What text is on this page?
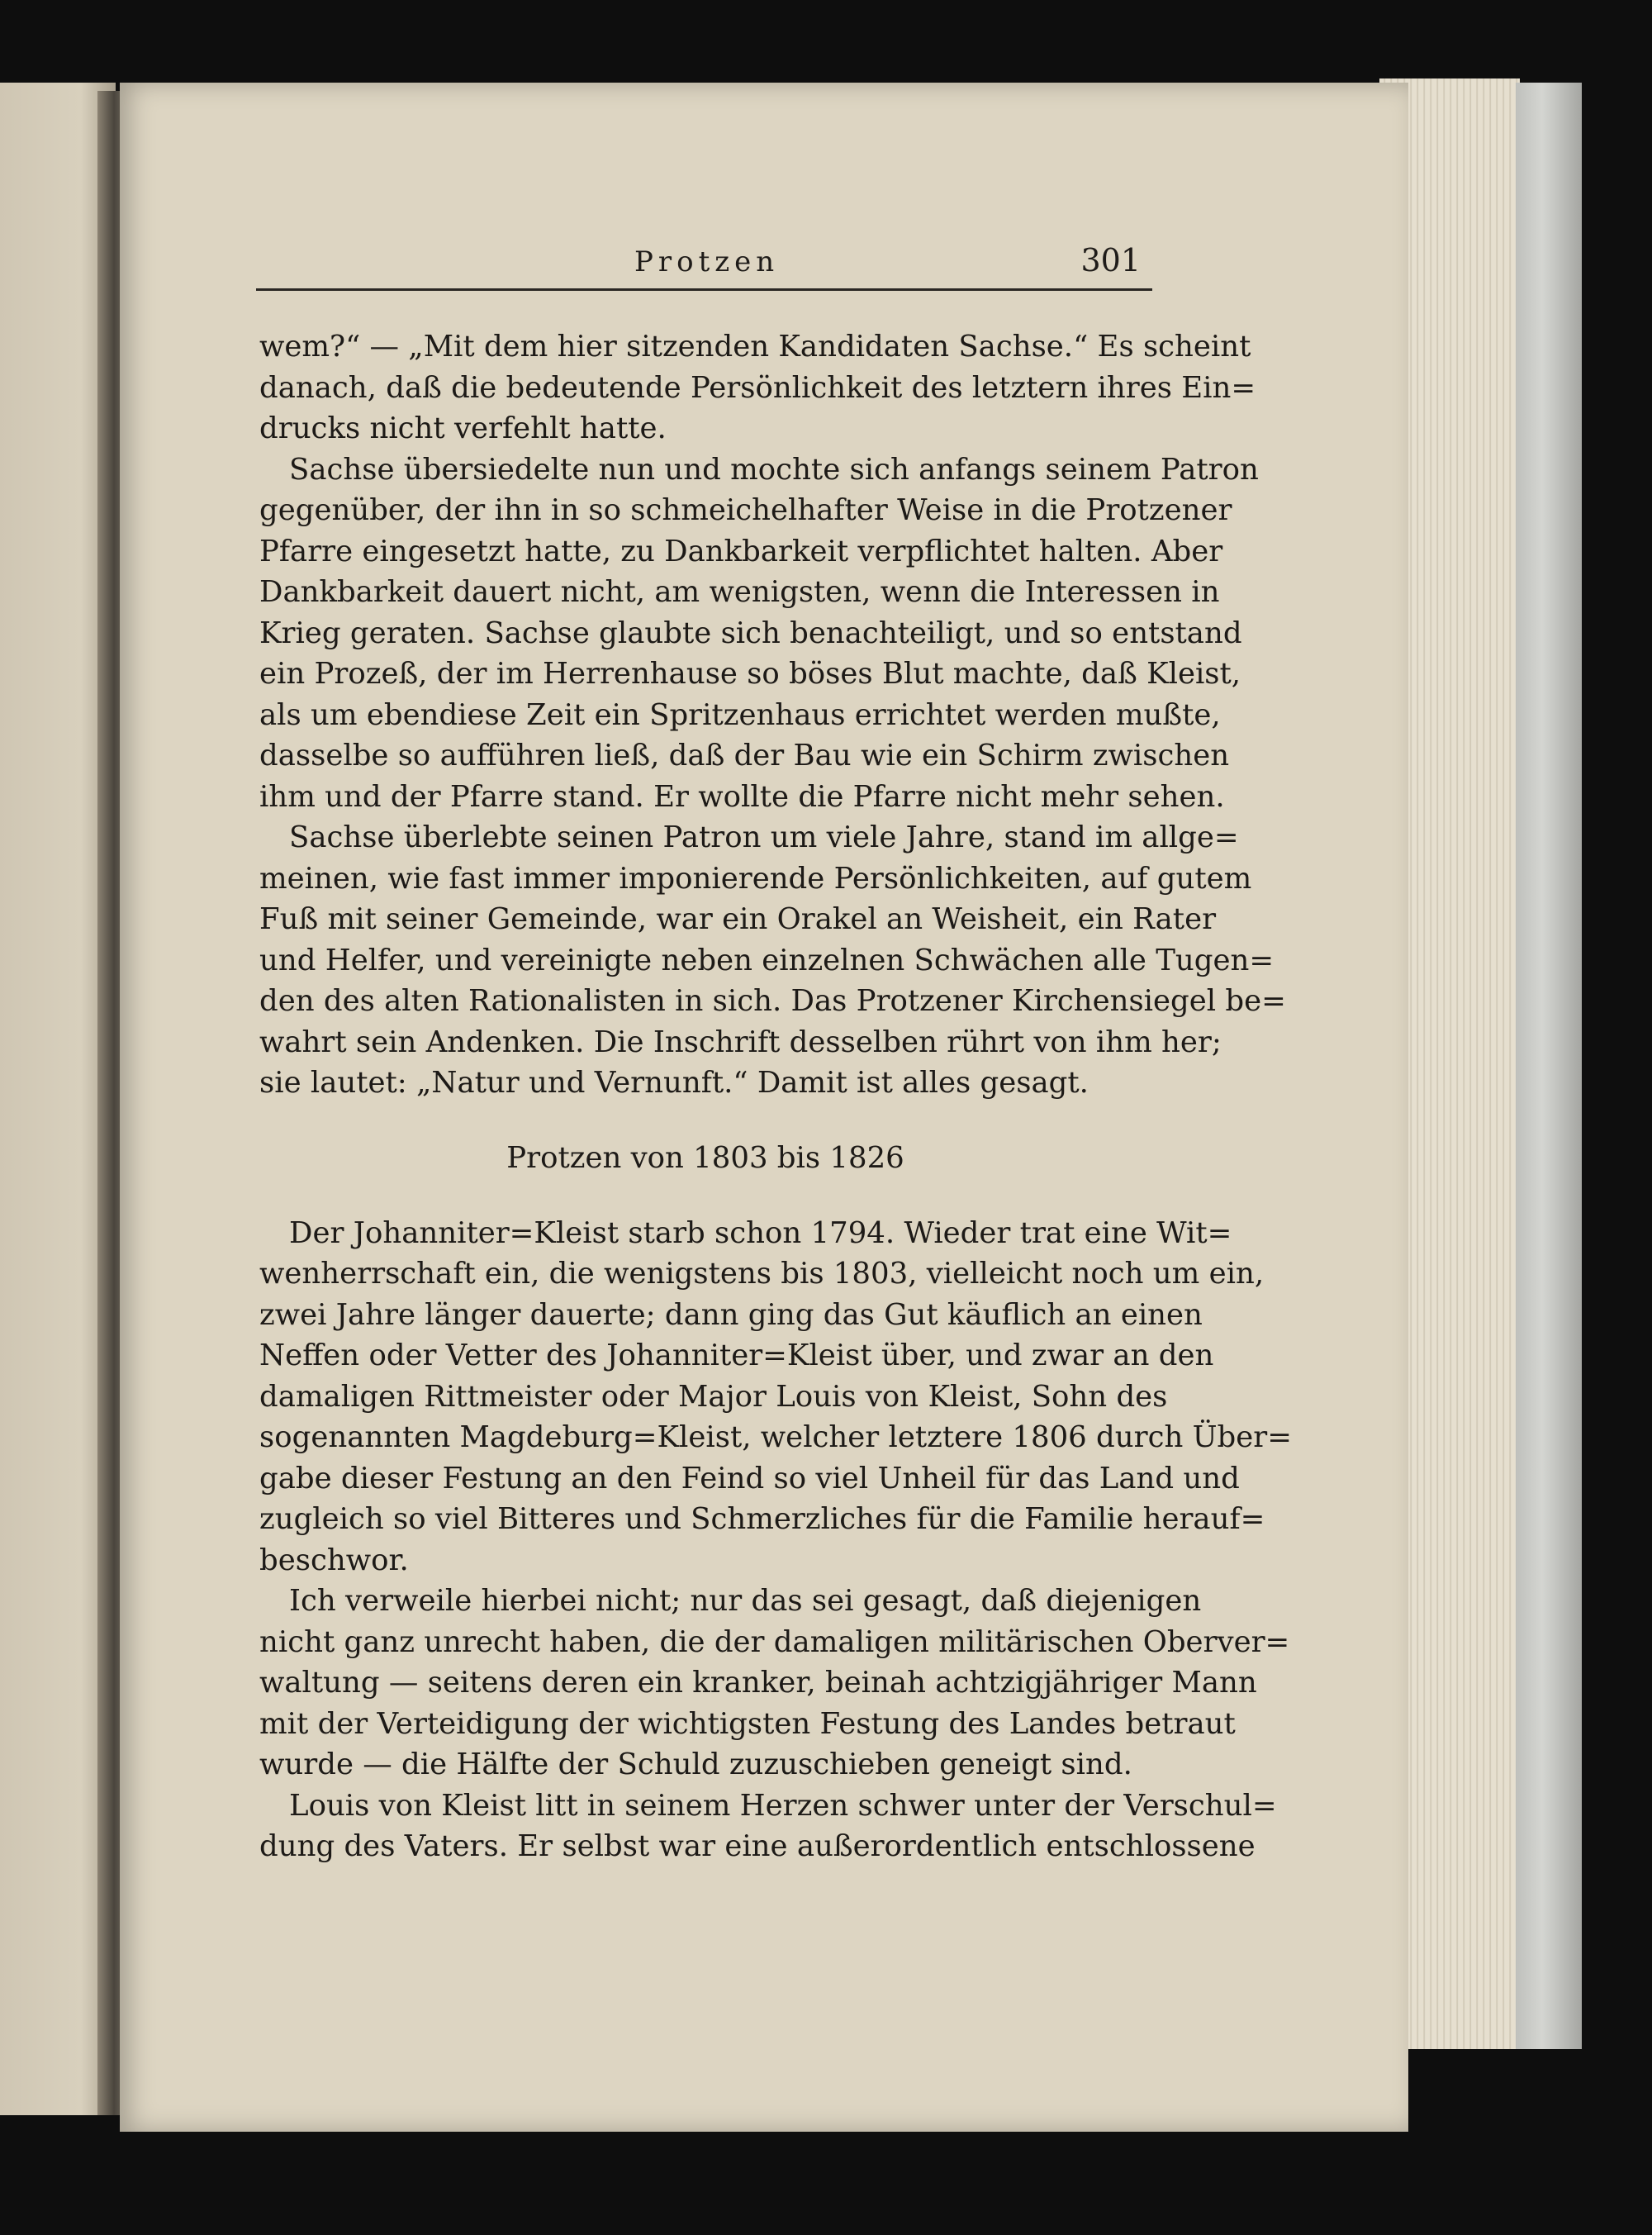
Protzen	301
wem?“ — „Mit dem hier sitzenden Kandidaten Sachse.“ Es scheint
danach, daß die bedeutende Persönlichkeit des letztern ihres Ein=
drucks nicht verfehlt hatte.
Sachse übersiedelte nun und mochte sich anfangs seinem Patron
gegenüber, der ihn in so schmeichelhafter Weise in die Protzener
Pfarre eingesetzt hatte, zu Dankbarkeit verpflichtet halten. Aber
Dankbarkeit dauert nicht, am wenigsten, wenn die Interessen in
Krieg geraten. Sachse glaubte sich benachteiligt, und so entstand
ein Prozeß, der im Herrenhause so böses Blut machte, daß Kleist,
als um ebendiese Zeit ein Spritzenhaus errichtet werden mußte,
dasselbe so aufführen ließ, daß der Bau wie ein Schirm zwischen
ihm und der Pfarre stand. Er wollte die Pfarre nicht mehr sehen.
Sachse überlebte seinen Patron um viele Jahre, stand im allge=
meinen, wie fast immer imponierende Persönlichkeiten, auf gutem
Fuß mit seiner Gemeinde, war ein Orakel an Weisheit, ein Rater
und Helfer, und vereinigte neben einzelnen Schwächen alle Tugen=
den des alten Rationalisten in sich. Das Protzener Kirchensiegel be=
wahrt sein Andenken. Die Inschrift desselben rührt von ihm her;
sie lautet: „Natur und Vernunft.“ Damit ist alles gesagt.
Protzen von 1803 bis 1826
Der Johanniter=Kleist starb schon 1794. Wieder trat eine Wit=
wenherrschaft ein, die wenigstens bis 1803, vielleicht noch um ein,
zwei Jahre länger dauerte; dann ging das Gut käuflich an einen
Neffen oder Vetter des Johanniter=Kleist über, und zwar an den
damaligen Rittmeister oder Major Louis von Kleist, Sohn des
sogenannten Magdeburg=Kleist, welcher letztere 1806 durch Über=
gabe dieser Festung an den Feind so viel Unheil für das Land und
zugleich so viel Bitteres und Schmerzliches für die Familie herauf=
beschwor.
Ich verweile hierbei nicht; nur das sei gesagt, daß diejenigen
nicht ganz unrecht haben, die der damaligen militärischen Oberver=
waltung — seitens deren ein kranker, beinah achtzigjähriger Mann
mit der Verteidigung der wichtigsten Festung des Landes betraut
wurde — die Hälfte der Schuld zuzuschieben geneigt sind.
Louis von Kleist litt in seinem Herzen schwer unter der Verschul=
dung des Vaters. Er selbst war eine außerordentlich entschlossene
